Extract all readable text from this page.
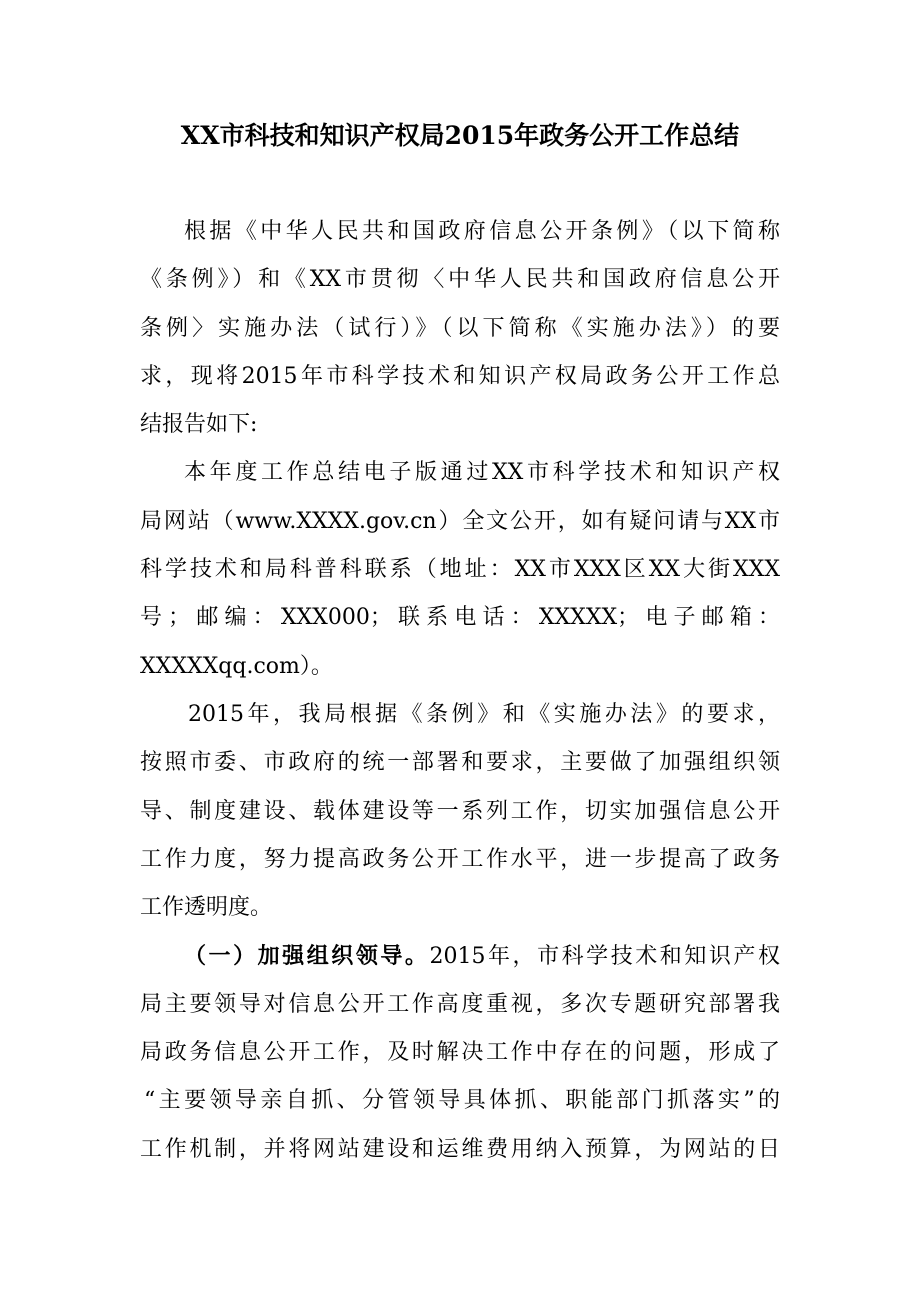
XX市科技和知识产权局2015年政务公开工作总结
根据《中华人民共和国政府信息公开条例》（以下简称
《条例》）和《XX市贯彻〈中华人民共和国政府信息公开
条例〉实施办法（试行）》（以下简称《实施办法》）的要
求，现将2015年市科学技术和知识产权局政务公开工作总
结报告如下:
本年度工作总结电子版通过XX市科学技术和知识产权
局网站（www.XXXX.gov.cn）全文公开，如有疑问请与XX市
科学技术和局科普科联系（地址：XX市XXX区XX大街XXX
号；邮编：XXX000；联系电话：XXXXX；电子邮箱：
XXXXXqq.com）。
2015年，我局根据《条例》和《实施办法》的要求，
按照市委、市政府的统一部署和要求，主要做了加强组织领
导、制度建设、载体建设等一系列工作，切实加强信息公开
工作力度，努力提高政务公开工作水平，进一步提高了政务
工作透明度。
（一）加强组织领导。2015年，市科学技术和知识产权
局主要领导对信息公开工作高度重视，多次专题研究部署我
局政务信息公开工作，及时解决工作中存在的问题，形成了
“主要领导亲自抓、分管领导具体抓、职能部门抓落实”的
工作机制，并将网站建设和运维费用纳入预算，为网站的日
